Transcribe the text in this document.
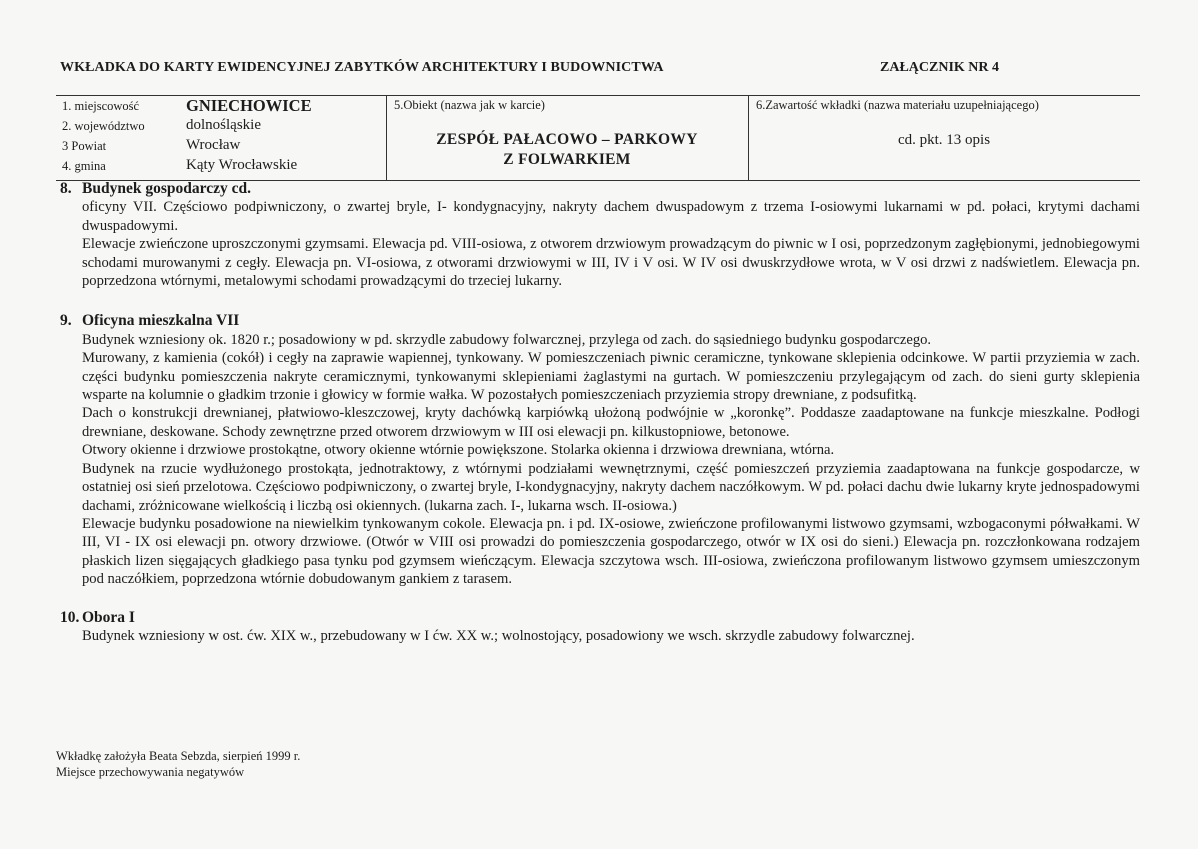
WKŁADKA DO KARTY EWIDENCYJNEJ ZABYTKÓW ARCHITEKTURY I BUDOWNICTWA	ZAŁĄCZNIK NR 4
1. miejscowość	GNIECHOWICE
2. województwo	dolnośląskie
3 Powiat	Wrocław
4. gmina	Kąty Wrocławskie
5.Obiekt (nazwa jak w karcie)
ZESPÓŁ PAŁACOWO – PARKOWY
Z FOLWARKIEM
6.Zawartość wkładki (nazwa materiału uzupełniającego)
cd. pkt. 13 opis

8. Budynek gospodarczy cd.

oficyny VII. Częściowo podpiwniczony, o zwartej bryle, I- kondygnacyjny, nakryty dachem dwuspadowym z trzema I-osiowymi lukarnami w pd. połaci, krytymi dachami dwuspadowymi.

Elewacje zwieńczone uproszczonymi gzymsami. Elewacja pd. VIII-osiowa, z otworem drzwiowym prowadzącym do piwnic w I osi, poprzedzonym zagłębionymi, jednobiegowymi schodami murowanymi z cegły. Elewacja pn. VI-osiowa, z otworami drzwiowymi w III, IV i V osi. W IV osi dwuskrzydłowe wrota, w V osi drzwi z nadświetlem. Elewacja pn. poprzedzona wtórnymi, metalowymi schodami prowadzącymi do trzeciej lukarny.

9. Oficyna mieszkalna VII

Budynek wzniesiony ok. 1820 r.; posadowiony w pd. skrzydle zabudowy folwarcznej, przylega od zach. do sąsiedniego budynku gospodarczego.

Murowany, z kamienia (cokół) i cegły na zaprawie wapiennej, tynkowany. W pomieszczeniach piwnic ceramiczne, tynkowane sklepienia odcinkowe. W partii przyziemia w zach. części budynku pomieszczenia nakryte ceramicznymi, tynkowanymi sklepieniami żaglastymi na gurtach. W pomieszczeniu przylegającym od zach. do sieni gurty sklepienia wsparte na kolumnie o gładkim trzonie i głowicy w formie wałka. W pozostałych pomieszczeniach przyziemia stropy drewniane, z podsufitką.

Dach o konstrukcji drewnianej, płatwiowo-kleszczowej, kryty dachówką karpiówką ułożoną podwójnie w „koronkę”. Poddasze zaadaptowane na funkcje mieszkalne. Podłogi drewniane, deskowane. Schody zewnętrzne przed otworem drzwiowym w III osi elewacji pn. kilkustopniowe, betonowe.

Otwory okienne i drzwiowe prostokątne, otwory okienne wtórnie powiększone. Stolarka okienna i drzwiowa drewniana, wtórna.

Budynek na rzucie wydłużonego prostokąta, jednotraktowy, z wtórnymi podziałami wewnętrznymi, część pomieszczeń przyziemia zaadaptowana na funkcje gospodarcze, w ostatniej osi sień przelotowa. Częściowo podpiwniczony, o zwartej bryle, I-kondygnacyjny, nakryty dachem naczółkowym. W pd. połaci dachu dwie lukarny kryte jednospadowymi dachami, zróżnicowane wielkością i liczbą osi okiennych. (lukarna zach. I-, lukarna wsch. II-osiowa.)

Elewacje budynku posadowione na niewielkim tynkowanym cokole. Elewacja pn. i pd. IX-osiowe, zwieńczone profilowanymi listwowo gzymsami, wzbogaconymi półwałkami. W III, VI - IX osi elewacji pn. otwory drzwiowe. (Otwór w VIII osi prowadzi do pomieszczenia gospodarczego, otwór w IX osi do sieni.) Elewacja pn. rozczłonkowana rodzajem płaskich lizen sięgających gładkiego pasa tynku pod gzymsem wieńczącym. Elewacja szczytowa wsch. III-osiowa, zwieńczona profilowanym listwowo gzymsem umieszczonym pod naczółkiem, poprzedzona wtórnie dobudowanym gankiem z tarasem.

10. Obora I

Budynek wzniesiony w ost. ćw. XIX w., przebudowany w I ćw. XX w.; wolnostojący, posadowiony we wsch. skrzydle zabudowy folwarcznej.

Wkładkę założyła Beata Sebzda, sierpień 1999 r.
Miejsce przechowywania negatywów
